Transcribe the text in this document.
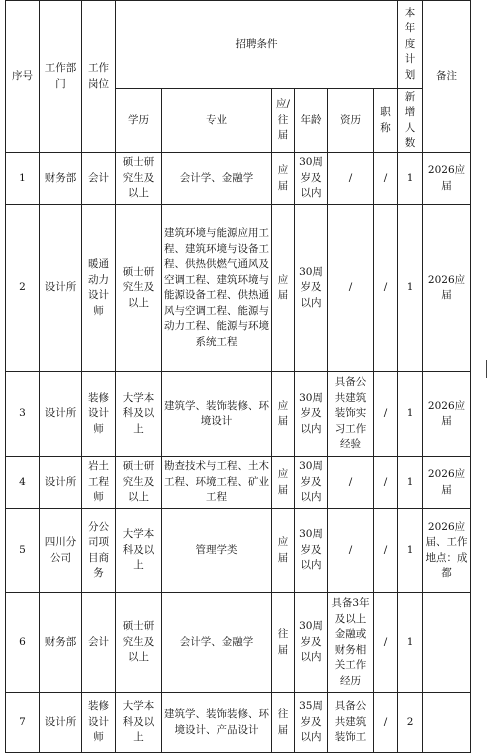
序号	工作部门	工作岗位	招聘条件						本年度计划	备注
			学历	专业	应/往届	年龄	资历	职称	新增人数	
1	财务部	会计	硕士研究生及以上	会计学、金融学	应届	30周岁及以内	/	/	1	2026应届
2	设计所	暖通动力设计师	硕士研究生及以上	建筑环境与能源应用工程、建筑环境与设备工程、供热供燃气通风及空调工程、建筑环境与能源设备工程、供热通风与空调工程、能源与动力工程、能源与环境系统工程	应届	30周岁及以内	/	/	1	2026应届
3	设计所	装修设计师	大学本科及以上	建筑学、装饰装修、环境设计	应届	30周岁及以内	具备公共建筑装饰实习工作经验	/	1	2026应届
4	设计所	岩土工程师	硕士研究生及以上	勘查技术与工程、土木工程、环境工程、矿业工程	应届	30周岁及以内	/	/	1	2026应届
5	四川分公司	分公司项目商务	大学本科及以上	管理学类	应届	30周岁及以内	/	/	1	2026应届、工作地点：成都
6	财务部	会计	硕士研究生及以上	会计学、金融学	往届	30周岁及以内	具备3年及以上金融或财务相关工作经历	/	1	
7	设计所	装修设计师	大学本科及以上	建筑学、装饰装修、环境设计、产品设计	往届	35周岁及以内	具备公共建筑装饰工	/	2	
